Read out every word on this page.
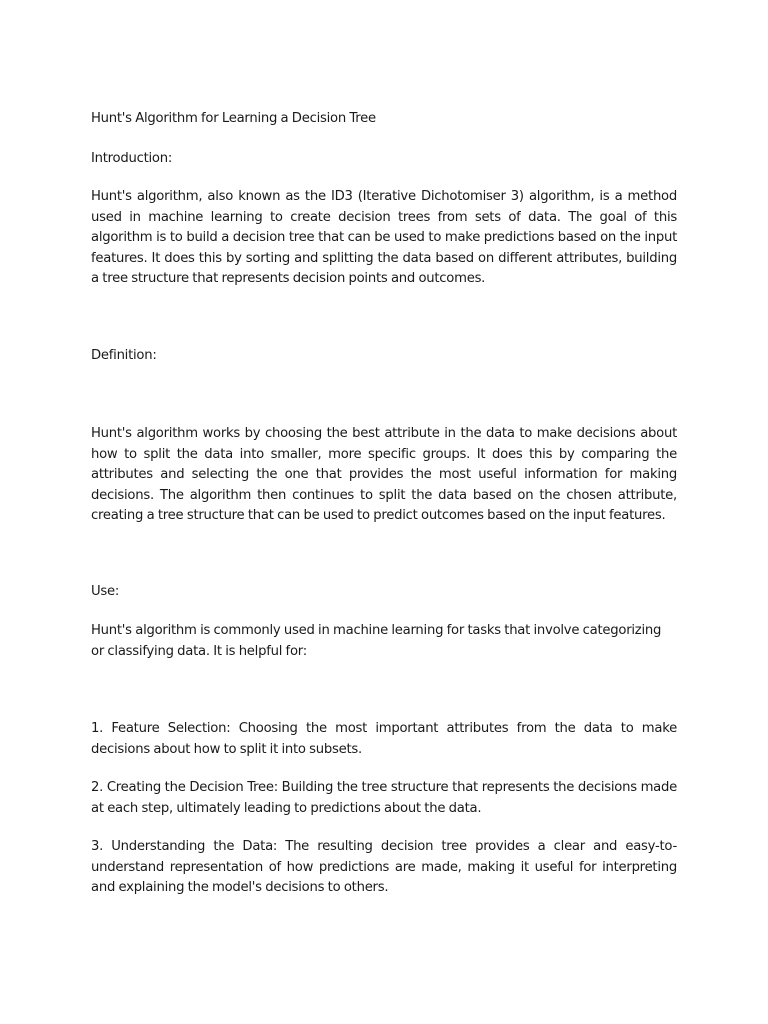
Hunt's Algorithm for Learning a Decision Tree
Introduction:

Hunt's algorithm, also known as the ID3 (Iterative Dichotomiser 3) algorithm, is a method used in machine learning to create decision trees from sets of data. The goal of this algorithm is to build a decision tree that can be used to make predictions based on the input features. It does this by sorting and splitting the data based on different attributes, building a tree structure that represents decision points and outcomes.

Definition:

Hunt's algorithm works by choosing the best attribute in the data to make decisions about how to split the data into smaller, more specific groups. It does this by comparing the attributes and selecting the one that provides the most useful information for making decisions. The algorithm then continues to split the data based on the chosen attribute, creating a tree structure that can be used to predict outcomes based on the input features.

Use:

Hunt's algorithm is commonly used in machine learning for tasks that involve categorizing or classifying data. It is helpful for:

1. Feature Selection: Choosing the most important attributes from the data to make decisions about how to split it into subsets.

2. Creating the Decision Tree: Building the tree structure that represents the decisions made at each step, ultimately leading to predictions about the data.

3. Understanding the Data: The resulting decision tree provides a clear and easy-to-understand representation of how predictions are made, making it useful for interpreting and explaining the model's decisions to others.
